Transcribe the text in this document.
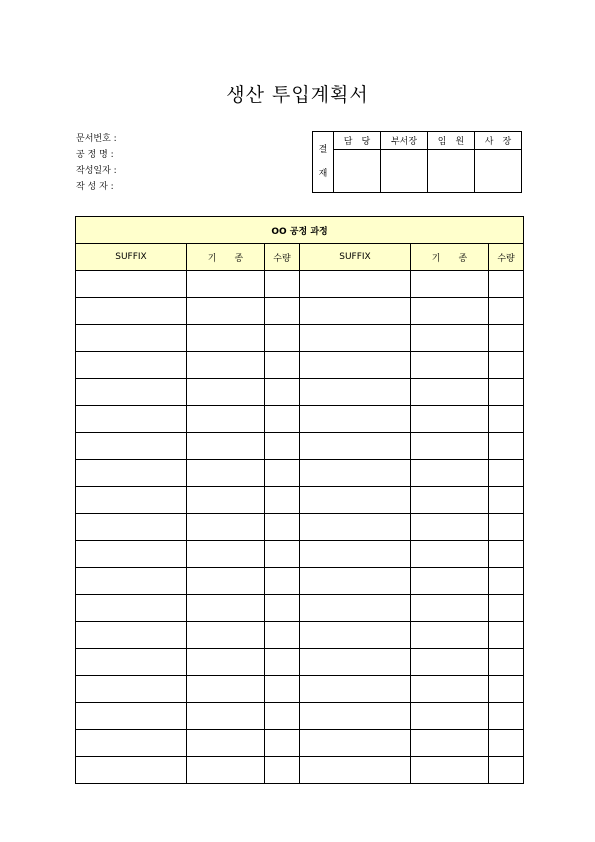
생산 투입계획서
문서번호 :
공 정 명 :
작성일자 :
작 성 자 :
결
재	담　당	부서장	임　원	사　장

OO 공정 과정					
SUFFIX	기　　종	수량	SUFFIX	기　　종	수량
